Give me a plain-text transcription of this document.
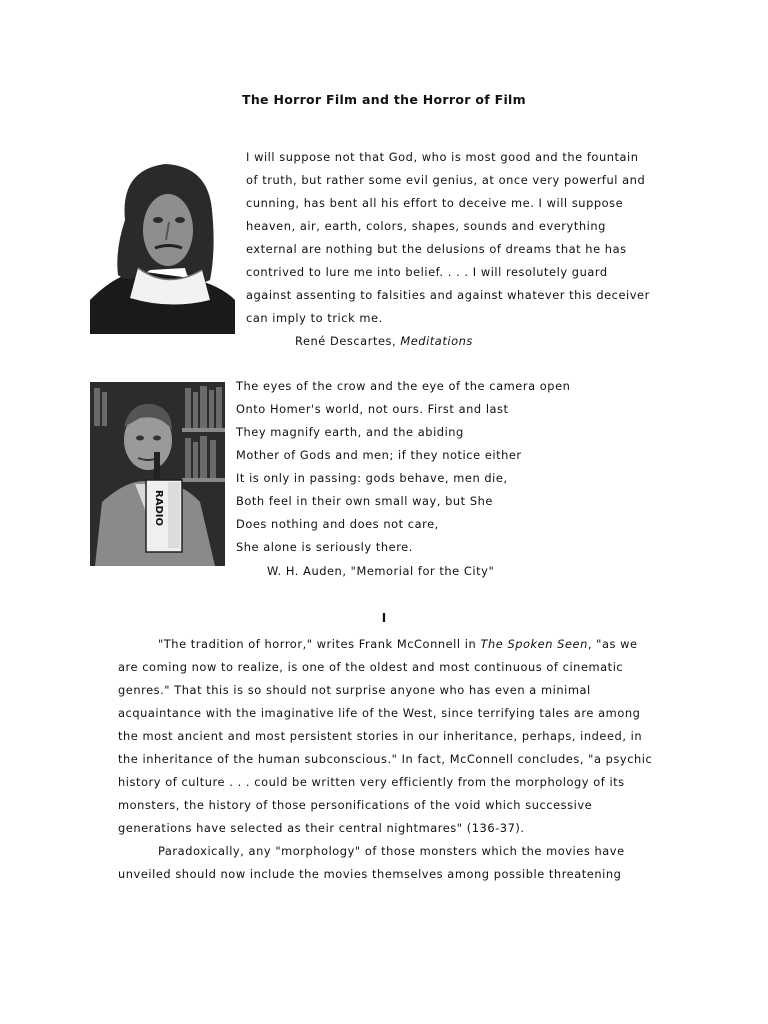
The Horror Film and the Horror of Film
I will suppose not that God, who is most good and the fountain
of truth, but rather some evil genius, at once very powerful and
cunning, has bent all his effort to deceive me. I will suppose
heaven, air, earth, colors, shapes, sounds and everything
external are nothing but the delusions of dreams that he has
contrived to lure me into belief. . . . I will resolutely guard
against assenting to falsities and against whatever this deceiver
can imply to trick me.
René Descartes, Meditations
RADIO
The eyes of the crow and the eye of the camera open
Onto Homer's world, not ours. First and last
They magnify earth, and the abiding
Mother of Gods and men; if they notice either
It is only in passing: gods behave, men die,
Both feel in their own small way, but She
Does nothing and does not care,
She alone is seriously there.
W. H. Auden, "Memorial for the City"
I
"The tradition of horror," writes Frank McConnell in The Spoken Seen, "as we
are coming now to realize, is one of the oldest and most continuous of cinematic
genres." That this is so should not surprise anyone who has even a minimal
acquaintance with the imaginative life of the West, since terrifying tales are among
the most ancient and most persistent stories in our inheritance, perhaps, indeed, in
the inheritance of the human subconscious." In fact, McConnell concludes, "a psychic
history of culture . . . could be written very efficiently from the morphology of its
monsters, the history of those personifications of the void which successive
generations have selected as their central nightmares" (136-37).
Paradoxically, any "morphology" of those monsters which the movies have
unveiled should now include the movies themselves among possible threatening
